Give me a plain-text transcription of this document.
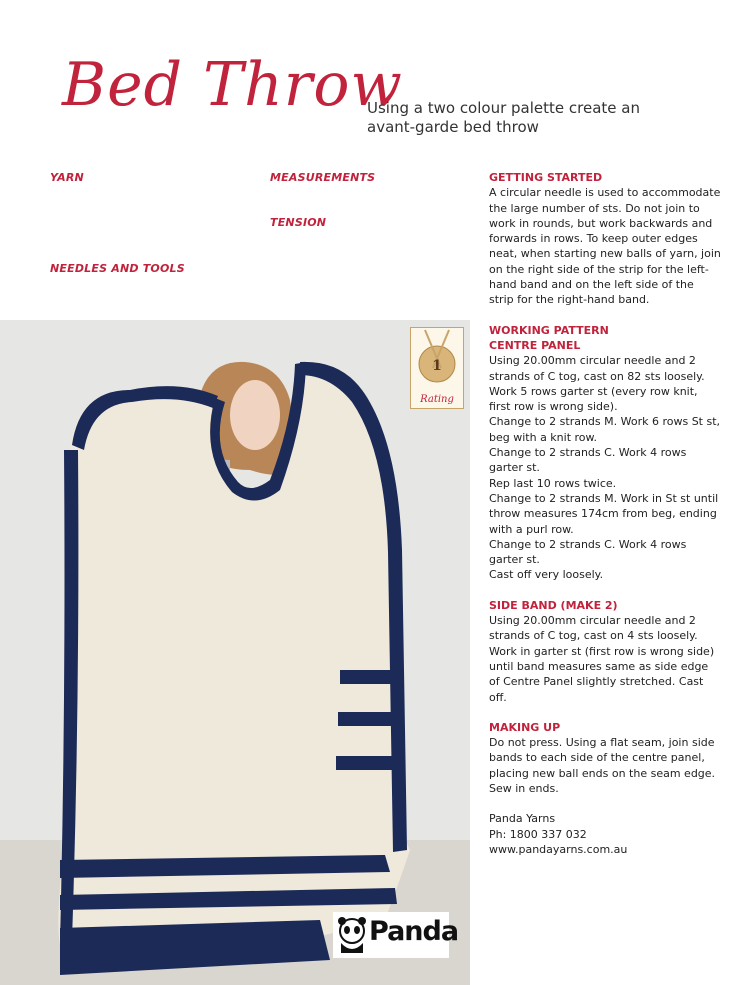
Bed Throw
Using a two colour palette create an
avant-garde bed throw
YARN	MEASUREMENTS
TENSION
NEEDLES AND TOOLS
GETTING STARTED

A circular needle is used to accommodate the large number of sts. Do not join to work in rounds, but work backwards and forwards in rows. To keep outer edges neat, when starting new balls of yarn, join on the right side of the strip for the left-hand band and on the left side of the strip for the right-hand band.

WORKING PATTERN
CENTRE PANEL

Using 20.00mm circular needle and 2 strands of C tog, cast on 82 sts loosely.

Work 5 rows garter st (every row knit, first row is wrong side).

Change to 2 strands M. Work 6 rows St st, beg with a knit row.

Change to 2 strands C. Work 4 rows garter st.

Rep last 10 rows twice.

Change to 2 strands M. Work in St st until throw measures 174cm from beg, ending with a purl row.

Change to 2 strands C. Work 4 rows garter st.

Cast off very loosely.

SIDE BAND (MAKE 2)

Using 20.00mm circular needle and 2 strands of C tog, cast on 4 sts loosely. Work in garter st (first row is wrong side) until band measures same as side edge of Centre Panel slightly stretched. Cast off.

MAKING UP

Do not press. Using a flat seam, join side bands to each side of the centre panel, placing new ball ends on the seam edge.

Sew in ends.

Panda Yarns

Ph: 1800 337 032

www.pandayarns.com.au

1
Rating
Panda
